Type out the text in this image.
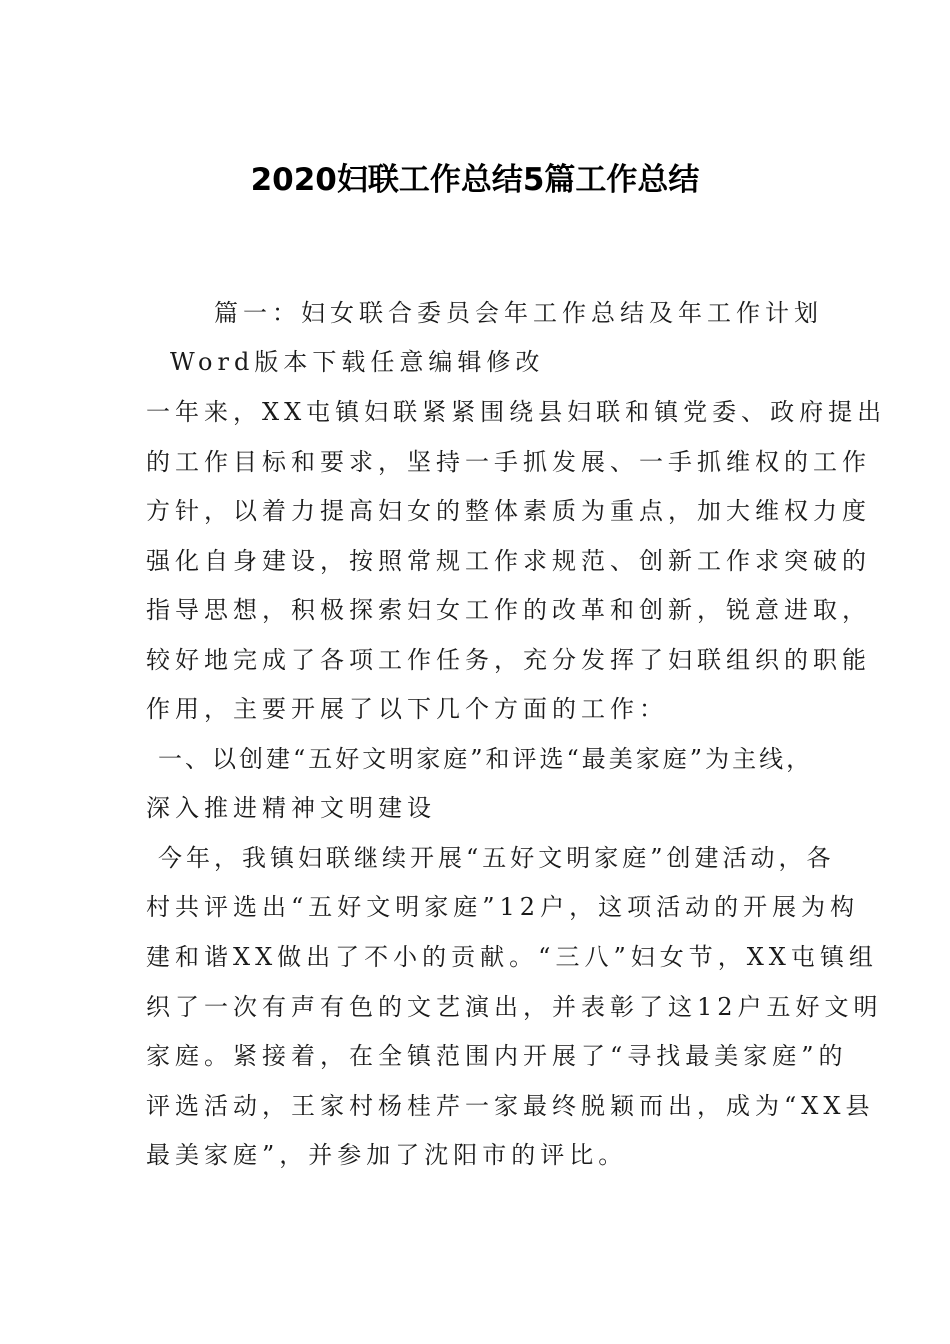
2020妇联工作总结5篇工作总结
篇一：妇女联合委员会年工作总结及年工作计划
Word版本下载任意编辑修改
一年来，XX屯镇妇联紧紧围绕县妇联和镇党委、政府提出
的工作目标和要求，坚持一手抓发展、一手抓维权的工作
方针，以着力提高妇女的整体素质为重点，加大维权力度
强化自身建设，按照常规工作求规范、创新工作求突破的
指导思想，积极探索妇女工作的改革和创新，锐意进取，
较好地完成了各项工作任务，充分发挥了妇联组织的职能
作用，主要开展了以下几个方面的工作：
一、以创建“五好文明家庭”和评选“最美家庭”为主线，
深入推进精神文明建设
今年，我镇妇联继续开展“五好文明家庭”创建活动，各
村共评选出“五好文明家庭”12户，这项活动的开展为构
建和谐XX做出了不小的贡献。“三八”妇女节，XX屯镇组
织了一次有声有色的文艺演出，并表彰了这12户五好文明
家庭。紧接着，在全镇范围内开展了“寻找最美家庭”的
评选活动，王家村杨桂芹一家最终脱颖而出，成为“XX县
最美家庭”，并参加了沈阳市的评比。
